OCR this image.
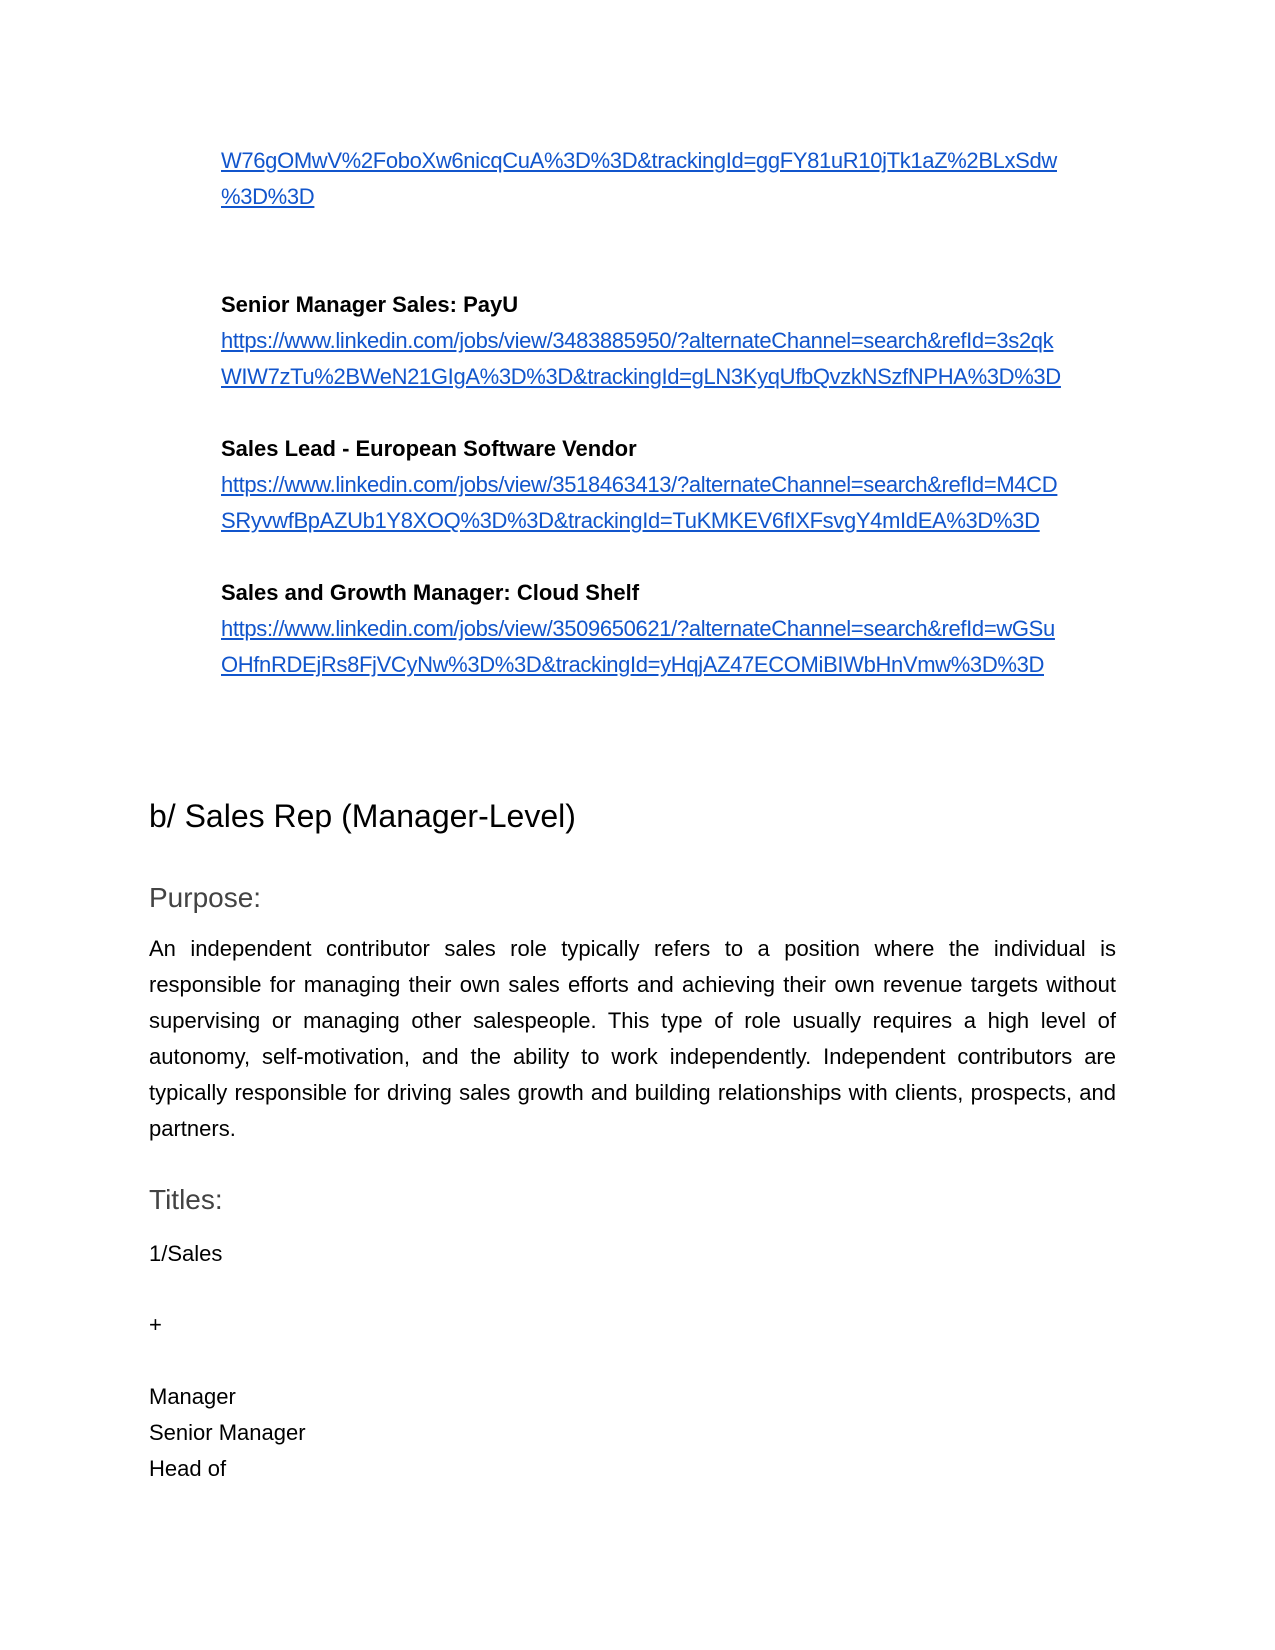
W76gOMwV%2FoboXw6nicqCuA%3D%3D&trackingId=ggFY81uR10jTk1aZ%2BLxSdw
%3D%3D
Senior Manager Sales: PayU
https://www.linkedin.com/jobs/view/3483885950/?alternateChannel=search&refId=3s2qk
WIW7zTu%2BWeN21GIgA%3D%3D&trackingId=gLN3KyqUfbQvzkNSzfNPHA%3D%3D
Sales Lead - European Software Vendor
https://www.linkedin.com/jobs/view/3518463413/?alternateChannel=search&refId=M4CD
SRyvwfBpAZUb1Y8XOQ%3D%3D&trackingId=TuKMKEV6fIXFsvgY4mIdEA%3D%3D
Sales and Growth Manager: Cloud Shelf
https://www.linkedin.com/jobs/view/3509650621/?alternateChannel=search&refId=wGSu
OHfnRDEjRs8FjVCyNw%3D%3D&trackingId=yHqjAZ47ECOMiBIWbHnVmw%3D%3D
b/ Sales Rep (Manager-Level)
Purpose:
An independent contributor sales role typically refers to a position where the individual is responsible for managing their own sales efforts and achieving their own revenue targets without supervising or managing other salespeople. This type of role usually requires a high level of autonomy, self-motivation, and the ability to work independently. Independent contributors are typically responsible for driving sales growth and building relationships with clients, prospects, and partners.
Titles:
1/Sales
+
Manager
Senior Manager
Head of
